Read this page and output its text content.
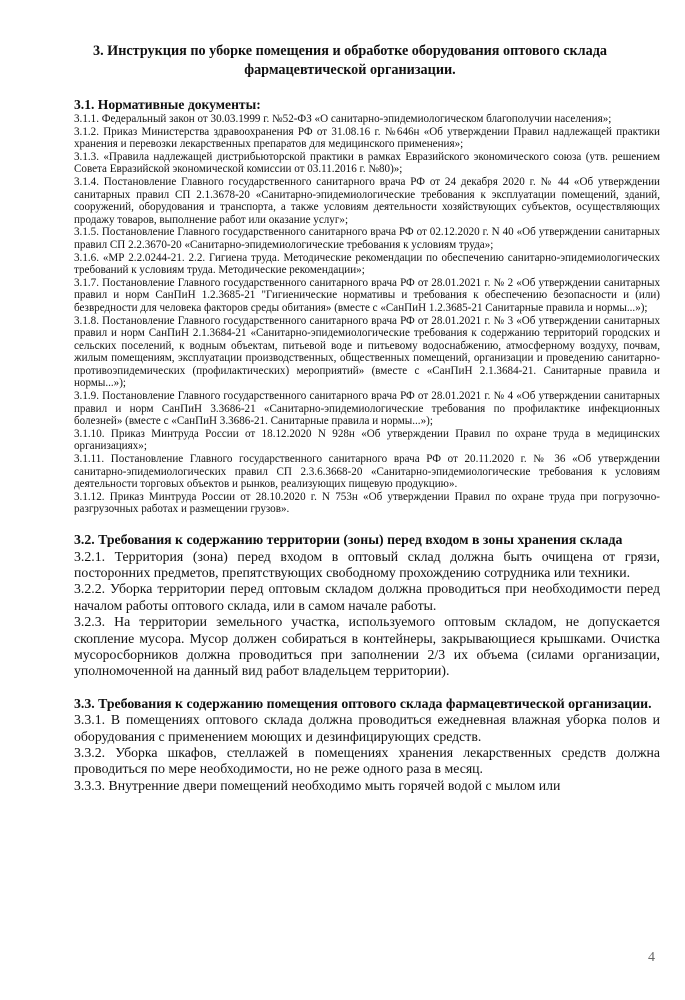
3. Инструкция по уборке помещения и обработке оборудования оптового склада фармацевтической организации.

3.1. Нормативные документы:

3.1.1. Федеральный закон от 30.03.1999 г. №52-ФЗ «О санитарно-эпидемиологическом благополучии населения»;

3.1.2. Приказ Министерства здравоохранения РФ от 31.08.16 г. №646н «Об утверждении Правил надлежащей практики хранения и перевозки лекарственных препаратов для медицинского применения»;

3.1.3. «Правила надлежащей дистрибьюторской практики в рамках Евразийского экономического союза (утв. решением Совета Евразийской экономической комиссии от 03.11.2016 г. №80)»;

3.1.4. Постановление Главного государственного санитарного врача РФ от 24 декабря 2020 г. № 44 «Об утверждении санитарных правил СП 2.1.3678-20 «Санитарно-эпидемиологические требования к эксплуатации помещений, зданий, сооружений, оборудования и транспорта, а также условиям деятельности хозяйствующих субъектов, осуществляющих продажу товаров, выполнение работ или оказание услуг»;

3.1.5. Постановление Главного государственного санитарного врача РФ от 02.12.2020 г. N 40 «Об утверждении санитарных правил СП 2.2.3670-20 «Санитарно-эпидемиологические требования к условиям труда»;

3.1.6. «МР 2.2.0244-21. 2.2. Гигиена труда. Методические рекомендации по обеспечению санитарно-эпидемиологических требований к условиям труда. Методические рекомендации»;

3.1.7. Постановление Главного государственного санитарного врача РФ от 28.01.2021 г. № 2 «Об утверждении санитарных правил и норм СанПиН 1.2.3685-21 "Гигиенические нормативы и требования к обеспечению безопасности и (или) безвредности для человека факторов среды обитания» (вместе с «СанПиН 1.2.3685-21 Санитарные правила и нормы...»);

3.1.8. Постановление Главного государственного санитарного врача РФ от 28.01.2021 г. № 3 «Об утверждении санитарных правил и норм СанПиН 2.1.3684-21 «Санитарно-эпидемиологические требования к содержанию территорий городских и сельских поселений, к водным объектам, питьевой воде и питьевому водоснабжению, атмосферному воздуху, почвам, жилым помещениям, эксплуатации производственных, общественных помещений, организации и проведению санитарно-противоэпидемических (профилактических) мероприятий» (вместе с «СанПиН 2.1.3684-21. Санитарные правила и нормы...»);

3.1.9. Постановление Главного государственного санитарного врача РФ от 28.01.2021 г. № 4 «Об утверждении санитарных правил и норм СанПиН 3.3686-21 «Санитарно-эпидемиологические требования по профилактике инфекционных болезней» (вместе с «СанПиН 3.3686-21. Санитарные правила и нормы...»);

3.1.10. Приказ Минтруда России от 18.12.2020 N 928н «Об утверждении Правил по охране труда в медицинских организациях»;

3.1.11. Постановление Главного государственного санитарного врача РФ от 20.11.2020 г. № 36 «Об утверждении санитарно-эпидемиологических правил СП 2.3.6.3668-20 «Санитарно-эпидемиологические требования к условиям деятельности торговых объектов и рынков, реализующих пищевую продукцию».

3.1.12. Приказ Минтруда России от 28.10.2020 г. N 753н «Об утверждении Правил по охране труда при погрузочно-разгрузочных работах и размещении грузов».

3.2. Требования к содержанию территории (зоны) перед входом в зоны хранения склада

3.2.1. Территория (зона) перед входом в оптовый склад должна быть очищена от грязи, посторонних предметов, препятствующих свободному прохождению сотрудника или техники.

3.2.2. Уборка территории перед оптовым складом должна проводиться при необходимости перед началом работы оптового склада, или в самом начале работы.

3.2.3. На территории земельного участка, используемого оптовым складом, не допускается скопление мусора. Мусор должен собираться в контейнеры, закрывающиеся крышками. Очистка мусоросборников должна проводиться при заполнении 2/3 их объема (силами организации, уполномоченной на данный вид работ владельцем территории).

3.3. Требования к содержанию помещения оптового склада фармацевтической организации.

3.3.1. В помещениях оптового склада должна проводиться ежедневная влажная уборка полов и оборудования с применением моющих и дезинфицирующих средств.

3.3.2. Уборка шкафов, стеллажей в помещениях хранения лекарственных средств должна проводиться по мере необходимости, но не реже одного раза в месяц.

3.3.3. Внутренние двери помещений необходимо мыть горячей водой с мылом или

4
